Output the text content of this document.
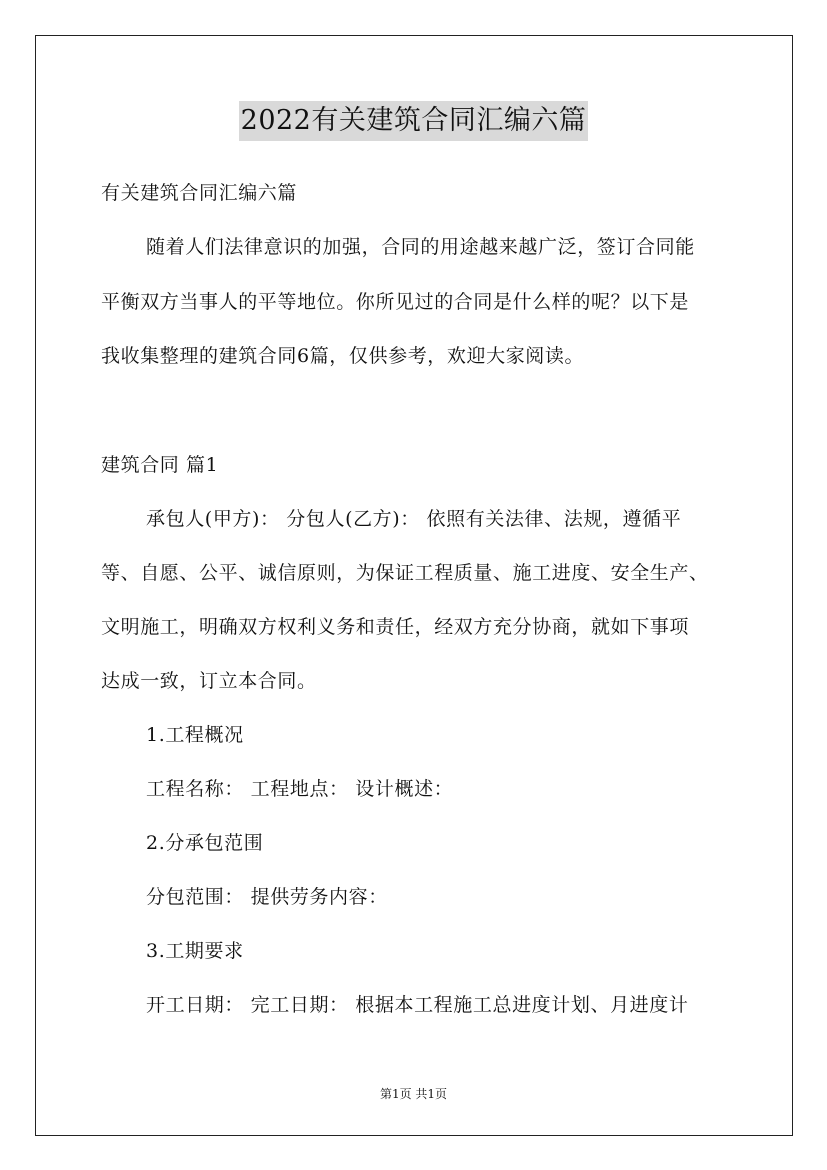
2022有关建筑合同汇编六篇
有关建筑合同汇编六篇
随着人们法律意识的加强，合同的用途越来越广泛，签订合同能
平衡双方当事人的平等地位。你所见过的合同是什么样的呢？以下是
我收集整理的建筑合同6篇，仅供参考，欢迎大家阅读。
建筑合同 篇1
承包人(甲方)： 分包人(乙方)： 依照有关法律、法规，遵循平
等、自愿、公平、诚信原则，为保证工程质量、施工进度、安全生产、
文明施工，明确双方权利义务和责任，经双方充分协商，就如下事项
达成一致，订立本合同。
1.工程概况
工程名称： 工程地点： 设计概述：
2.分承包范围
分包范围： 提供劳务内容：
3.工期要求
开工日期： 完工日期： 根据本工程施工总进度计划、月进度计
第1页 共1页
